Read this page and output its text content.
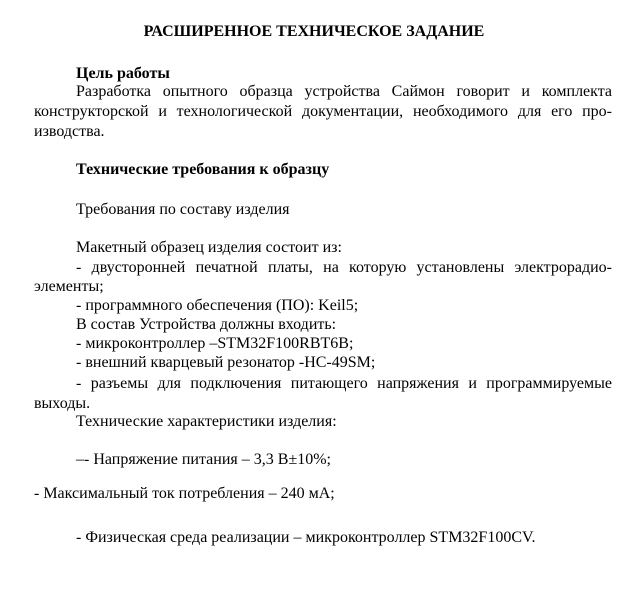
РАСШИРЕННОЕ ТЕХНИЧЕСКОЕ ЗАДАНИЕ
Цель работы
Разработка опытного образца устройства Саймон говорит и комплекта
конструкторской и технологической документации, необходимого для его про-
изводства.
Технические требования к образцу
Требования по составу изделия
Макетный образец изделия состоит из:
- двусторонней печатной платы, на которую установлены электрорадио-
элементы;
- программного обеспечения (ПО): Keil5;
В состав Устройства должны входить:
- микроконтроллер –STM32F100RBT6B;
- внешний кварцевый резонатор -HC-49SM;
- разъемы для подключения питающего напряжения и программируемые
выходы.
Технические характеристики изделия:
–- Напряжение питания – 3,3 В±10%;
- Максимальный ток потребления – 240 мА;
- Физическая среда реализации – микроконтроллер STM32F100CV.
